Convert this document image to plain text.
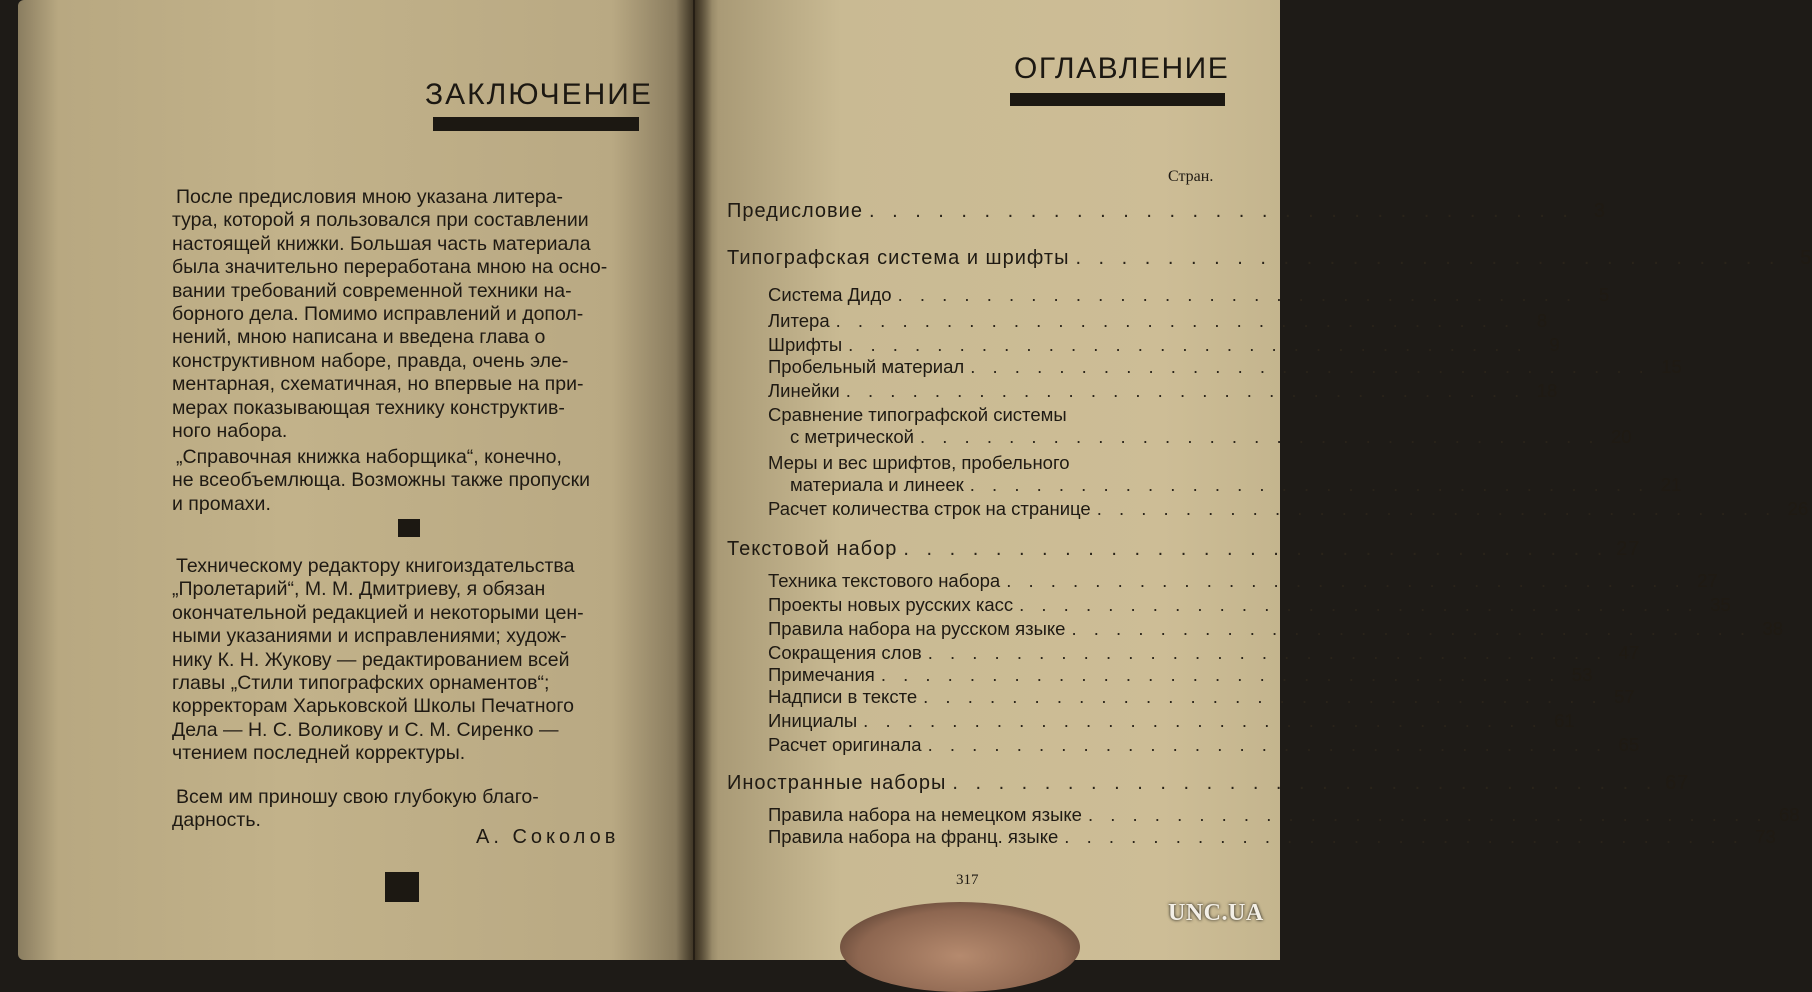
ЗАКЛЮЧЕНИЕ
После предисловия мною указана литера-
тура, которой я пользовался при составлении
настоящей книжки. Большая часть материала
была значительно переработана мною на осно-
вании требований современной техники на-
борного дела. Помимо исправлений и допол-
нений, мною написана и введена глава о
конструктивном наборе, правда, очень эле-
ментарная, схематичная, но впервые на при-
мерах показывающая технику конструктив-
ного набора.
„Справочная книжка наборщика“, конечно,
не всеобъемлюща. Возможны также пропуски
и промахи.
Техническому редактору книгоиздательства
„Пролетарий“, М. М. Дмитриеву, я обязан
окончательной редакцией и некоторыми цен-
ными указаниями и исправлениями; худож-
нику К. Н. Жукову — редактированием всей
главы „Стили типографских орнаментов“;
корректорам Харьковской Школы Печатного
Дела — Н. С. Воликову и С. М. Сиренко —
чтением последней корректуры.
Всем им приношу свою глубокую благо-
дарность.
А. Соколов
ОГЛАВЛЕНИЕ
Стран.
Предисловие . . . . . . . . . . . . . . . . . . . . . . . . . . . . . . . 3
Типографская система и шрифты . . . . . . . . . . . . . . . . . . . . . . . . . . . . . . . 5
Система Дидо . . . . . . . . . . . . . . . . . . . . . . . . . . . . . . .	5
Литера . . . . . . . . . . . . . . . . . . . . . . . . . . . . . . .	8
Шрифты . . . . . . . . . . . . . . . . . . . . . . . . . . . . . . .	9
Пробельный материал . . . . . . . . . . . . . . . . . . . . . . . . . . . . . . . 15
Линейки . . . . . . . . . . . . . . . . . . . . . . . . . . . . . . . 18
Сравнение типографской системы
с метрической . . . . . . . . . . . . . . . . . . . . . . . . . . . . . . . 20
Меры и вес шрифтов, пробельного
материала и линеек . . . . . . . . . . . . . . . . . . . . . . . . . . . . . . . 21
Расчет количества строк на странице . . . . . . . . . . . . . . . . . . . . . . . . . . . . . . . 26
Текстовой набор . . . . . . . . . . . . . . . . . . . . . . . . . . . . . . . 27
Техника текстового набора . . . . . . . . . . . . . . . . . . . . . . . . . . . . . . . 27
Проекты новых русских касс . . . . . . . . . . . . . . . . . . . . . . . . . . . . . . . 35
Правила набора на русском языке . . . . . . . . . . . . . . . . . . . . . . . . . . . . . . . 38
Сокращения слов . . . . . . . . . . . . . . . . . . . . . . . . . . . . . . . 47
Примечания . . . . . . . . . . . . . . . . . . . . . . . . . . . . . . . 53
Надписи в тексте . . . . . . . . . . . . . . . . . . . . . . . . . . . . . . . 57
Инициалы . . . . . . . . . . . . . . . . . . . . . . . . . . . . . . . 61
Расчет оригинала . . . . . . . . . . . . . . . . . . . . . . . . . . . . . . . 65
Иностранные наборы . . . . . . . . . . . . . . . . . . . . . . . . . . . . . . . 67
Правила набора на немецком языке . . . . . . . . . . . . . . . . . . . . . . . . . . . . . . . 68
Правила набора на франц. языке . . . . . . . . . . . . . . . . . . . . . . . . . . . . . . . 73
317
UNC.UA
